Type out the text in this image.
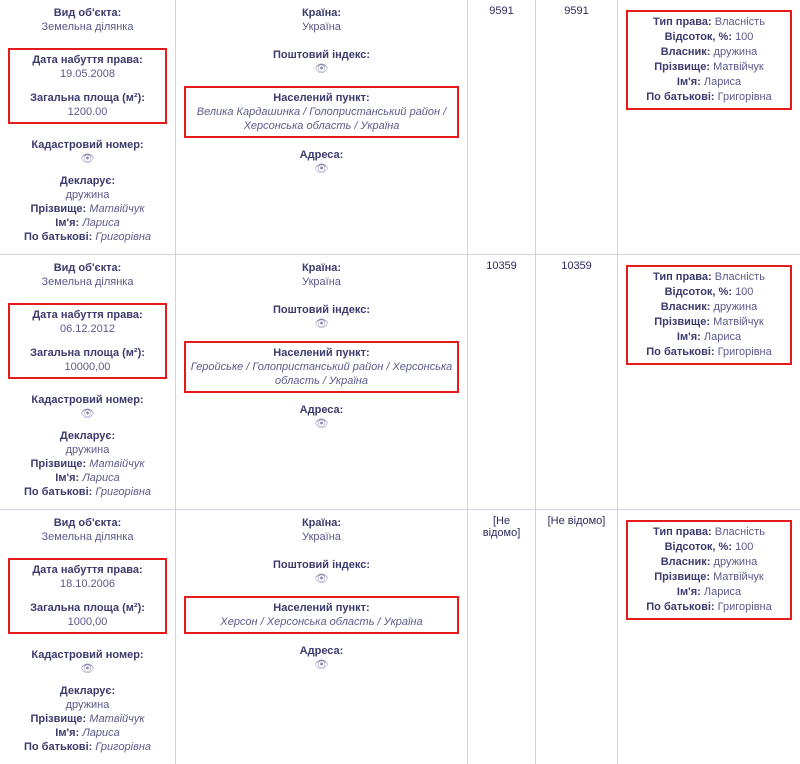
Вид об'єкта:
Земельна ділянка
Дата набуття права:
19.05.2008
Загальна площа (м²):
1200.00
Кадастровий номер:
👁
Декларує:
дружина
Прізвище: Матвійчук
Ім'я: Лариса
По батькові: Григорівна
Країна:
Україна
Поштовий індекс:
👁
Населений пункт:
Велика Кардашинка / Голопристанський район / Херсонська область / Україна
Адреса:
👁
9591	9591
Тип права: Власність
Відсоток, %: 100
Власник: дружина
Прізвище: Матвійчук
Ім'я: Лариса
По батькові: Григорівна
Вид об'єкта:
Земельна ділянка
Дата набуття права:
06.12.2012
Загальна площа (м²):
10000,00
Кадастровий номер:
👁
Декларує:
дружина
Прізвище: Матвійчук
Ім'я: Лариса
По батькові: Григорівна
Країна:
Україна
Поштовий індекс:
👁
Населений пункт:
Геройське / Голопристанський район / Херсонська область / Україна
Адреса:
👁
10359	10359
Тип права: Власність
Відсоток, %: 100
Власник: дружина
Прізвище: Матвійчук
Ім'я: Лариса
По батькові: Григорівна
Вид об'єкта:
Земельна ділянка
Дата набуття права:
18.10.2006
Загальна площа (м²):
1000,00
Кадастровий номер:
👁
Декларує:
дружина
Прізвище: Матвійчук
Ім'я: Лариса
По батькові: Григорівна
Країна:
Україна
Поштовий індекс:
👁
Населений пункт:
Херсон / Херсонська область / Україна
Адреса:
👁
[Не відомо]
[Не відомо]
Тип права: Власність
Відсоток, %: 100
Власник: дружина
Прізвище: Матвійчук
Ім'я: Лариса
По батькові: Григорівна
